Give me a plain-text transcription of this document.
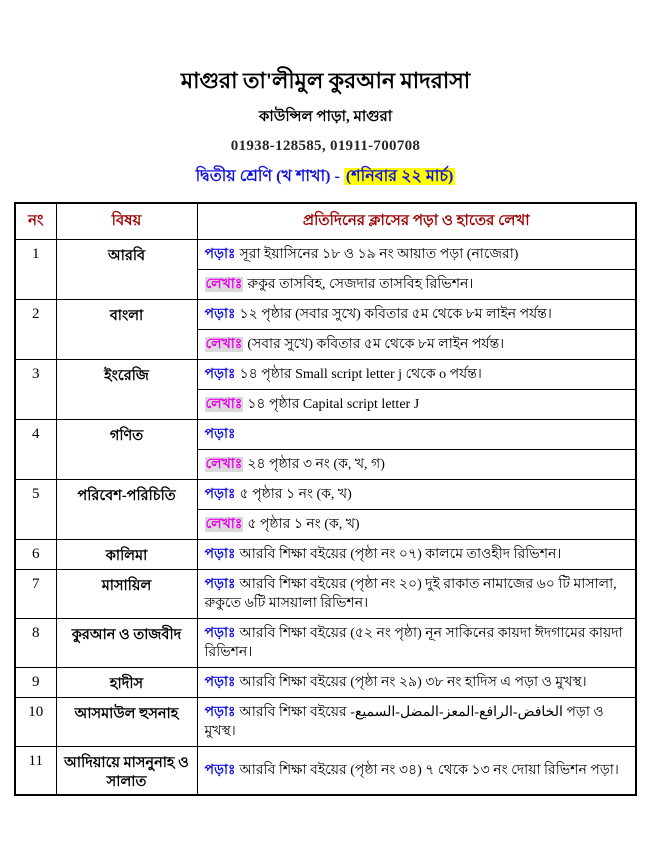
মাগুরা তা'লীমুল কুরআন মাদরাসা
কাউন্সিল পাড়া, মাগুরা
01938-128585, 01911-700708
দ্বিতীয় শ্রেণি (খ শাখা) - (শনিবার ২২ মার্চ)
নং	বিষয়	প্রতিদিনের ক্লাসের পড়া ও হাতের লেখা
1	আরবি	পড়াঃ সূরা ইয়াসিনের ১৮ ও ১৯ নং আয়াত পড়া (নাজেরা)
		লেখাঃ রুকুর তাসবিহ, সেজদার তাসবিহ রিভিশন।
2	বাংলা	পড়াঃ ১২ পৃষ্ঠার (সবার সুখে) কবিতার ৫ম থেকে ৮ম লাইন পর্যন্ত।
		লেখাঃ (সবার সুখে) কবিতার ৫ম থেকে ৮ম লাইন পর্যন্ত।
3	ইংরেজি	পড়াঃ ১৪ পৃষ্ঠার Small script letter j থেকে o পর্যন্ত।
		লেখাঃ ১৪ পৃষ্ঠার Capital script letter J
4	গণিত	পড়াঃ
		লেখাঃ ২৪ পৃষ্ঠার ৩ নং (ক, খ, গ)
5	পরিবেশ-পরিচিতি	পড়াঃ ৫ পৃষ্ঠার ১ নং (ক, খ)
		লেখাঃ ৫ পৃষ্ঠার ১ নং (ক, খ)
6	কালিমা	পড়াঃ আরবি শিক্ষা বইয়ের (পৃষ্ঠা নং ০৭) কালমে তাওহীদ রিভিশন।
7	মাসায়িল	পড়াঃ আরবি শিক্ষা বইয়ের (পৃষ্ঠা নং ২০) দুই রাকাত নামাজের ৬০ টি মাসালা, রুকুতে ৬টি মাসয়ালা রিভিশন।
8	কুরআন ও তাজবীদ	পড়াঃ আরবি শিক্ষা বইয়ের (৫২ নং পৃষ্ঠা) নূন সাকিনের কায়দা ঈদগামের কায়দা রিভিশন।
9	হাদীস	পড়াঃ আরবি শিক্ষা বইয়ের (পৃষ্ঠা নং ২৯) ৩৮ নং হাদিস এ পড়া ও মুখস্থ।
10	আসমাউল হুসনাহ	পড়াঃ আরবি শিক্ষা বইয়ের -الخافض-الرافع-المعز-المضل-السميع পড়া ও মুখস্থ।
11	আদিয়ায়ে মাসনুনাহ ও সালাত	পড়াঃ আরবি শিক্ষা বইয়ের (পৃষ্ঠা নং ৩৪) ৭ থেকে ১৩ নং দোয়া রিভিশন পড়া।
